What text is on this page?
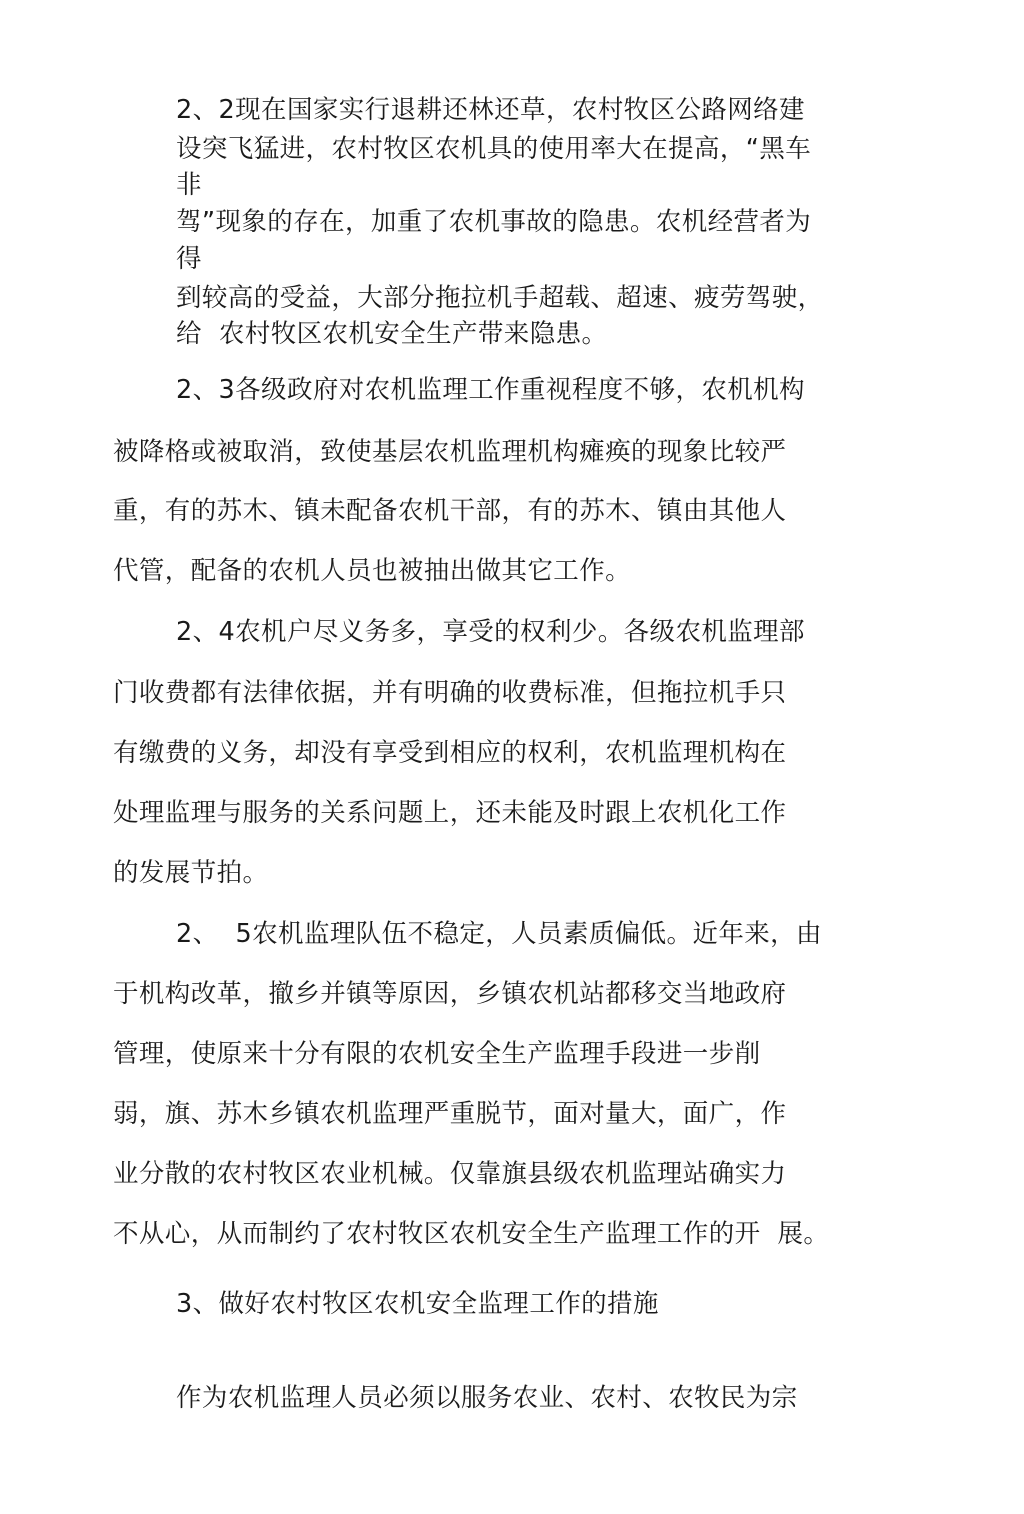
2、2现在国家实行退耕还林还草，农村牧区公路网络建
设突飞猛进，农村牧区农机具的使用率大在提高，“黑车
非
驾”现象的存在，加重了农机事故的隐患。农机经营者为
得
到较高的受益，大部分拖拉机手超载、超速、疲劳驾驶，
给  农村牧区农机安全生产带来隐患。
2、3各级政府对农机监理工作重视程度不够，农机机构
被降格或被取消，致使基层农机监理机构瘫痪的现象比较严
重，有的苏木、镇未配备农机干部，有的苏木、镇由其他人
代管，配备的农机人员也被抽出做其它工作。
2、4农机户尽义务多，享受的权利少。各级农机监理部
门收费都有法律依据，并有明确的收费标准，但拖拉机手只
有缴费的义务，却没有享受到相应的权利，农机监理机构在
处理监理与服务的关系问题上，还未能及时跟上农机化工作
的发展节拍。
2、  5农机监理队伍不稳定，人员素质偏低。近年来，由
于机构改革，撤乡并镇等原因，乡镇农机站都移交当地政府
管理，使原来十分有限的农机安全生产监理手段进一步削
弱，旗、苏木乡镇农机监理严重脱节，面对量大，面广，作
业分散的农村牧区农业机械。仅靠旗县级农机监理站确实力
不从心，从而制约了农村牧区农机安全生产监理工作的开  展。
3、做好农村牧区农机安全监理工作的措施
作为农机监理人员必须以服务农业、农村、农牧民为宗
